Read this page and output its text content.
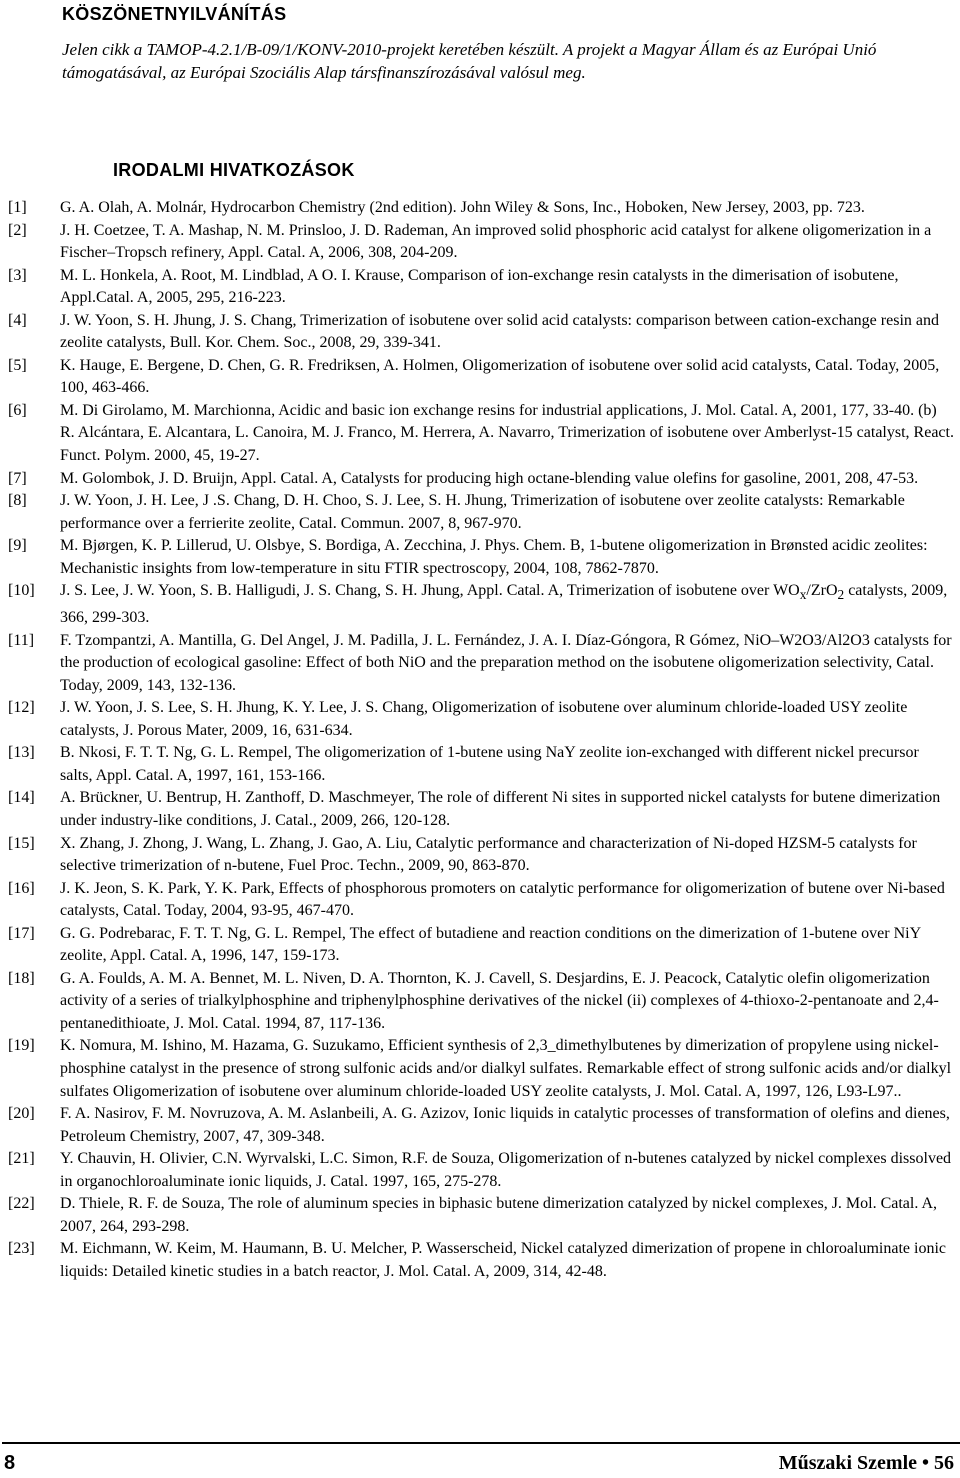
KÖSZÖNETNYILVÁNÍTÁS
Jelen cikk a TAMOP-4.2.1/B-09/1/KONV-2010-projekt keretében készült. A projekt a Magyar Állam és az Európai Unió támogatásával, az Európai Szociális Alap társfinanszírozásával valósul meg.
IRODALMI HIVATKOZÁSOK
[1] G. A. Olah, A. Molnár, Hydrocarbon Chemistry (2nd edition). John Wiley & Sons, Inc., Hoboken, New Jersey, 2003, pp. 723.
[2] J. H. Coetzee, T. A. Mashap, N. M. Prinsloo, J. D. Rademan, An improved solid phosphoric acid catalyst for alkene oligomerization in a Fischer–Tropsch refinery, Appl. Catal. A, 2006, 308, 204-209.
[3] M. L. Honkela, A. Root, M. Lindblad, A O. I. Krause, Comparison of ion-exchange resin catalysts in the dimerisation of isobutene, Appl.Catal. A, 2005, 295, 216-223.
[4] J. W. Yoon, S. H. Jhung, J. S. Chang, Trimerization of isobutene over solid acid catalysts: comparison between cation-exchange resin and zeolite catalysts, Bull. Kor. Chem. Soc., 2008, 29, 339-341.
[5] K. Hauge, E. Bergene, D. Chen, G. R. Fredriksen, A. Holmen, Oligomerization of isobutene over solid acid catalysts, Catal. Today, 2005, 100, 463-466.
[6] M. Di Girolamo, M. Marchionna, Acidic and basic ion exchange resins for industrial applications, J. Mol. Catal. A, 2001, 177, 33-40. (b) R. Alcántara, E. Alcantara, L. Canoira, M. J. Franco, M. Herrera, A. Navarro, Trimerization of isobutene over Amberlyst-15 catalyst, React. Funct. Polym. 2000, 45, 19-27.
[7] M. Golombok, J. D. Bruijn, Appl. Catal. A, Catalysts for producing high octane-blending value olefins for gasoline, 2001, 208, 47-53.
[8] J. W. Yoon, J. H. Lee, J .S. Chang, D. H. Choo, S. J. Lee, S. H. Jhung, Trimerization of isobutene over zeolite catalysts: Remarkable performance over a ferrierite zeolite, Catal. Commun. 2007, 8, 967-970.
[9] M. Bjørgen, K. P. Lillerud, U. Olsbye, S. Bordiga, A. Zecchina, J. Phys. Chem. B, 1-butene oligomerization in Brønsted acidic zeolites: Mechanistic insights from low-temperature in situ FTIR spectroscopy, 2004, 108, 7862-7870.
[10] J. S. Lee, J. W. Yoon, S. B. Halligudi, J. S. Chang, S. H. Jhung, Appl. Catal. A, Trimerization of isobutene over $WO_x/ZrO_2$ catalysts, 2009, 366, 299-303.
[11] F. Tzompantzi, A. Mantilla, G. Del Angel, J. M. Padilla, J. L. Fernández, J. A. I. Díaz-Góngora, R Gómez, NiO–W2O3/Al2O3 catalysts for the production of ecological gasoline: Effect of both NiO and the preparation method on the isobutene oligomerization selectivity, Catal. Today, 2009, 143, 132-136.
[12] J. W. Yoon, J. S. Lee, S. H. Jhung, K. Y. Lee, J. S. Chang, Oligomerization of isobutene over aluminum chloride-loaded USY zeolite catalysts, J. Porous Mater, 2009, 16, 631-634.
[13] B. Nkosi, F. T. T. Ng, G. L. Rempel, The oligomerization of 1-butene using NaY zeolite ion-exchanged with different nickel precursor salts, Appl. Catal. A, 1997, 161, 153-166.
[14] A. Brückner, U. Bentrup, H. Zanthoff, D. Maschmeyer, The role of different Ni sites in supported nickel catalysts for butene dimerization under industry-like conditions, J. Catal., 2009, 266, 120-128.
[15] X. Zhang, J. Zhong, J. Wang, L. Zhang, J. Gao, A. Liu, Catalytic performance and characterization of Ni-doped HZSM-5 catalysts for selective trimerization of n-butene, Fuel Proc. Techn., 2009, 90, 863-870.
[16] J. K. Jeon, S. K. Park, Y. K. Park, Effects of phosphorous promoters on catalytic performance for oligomerization of butene over Ni-based catalysts, Catal. Today, 2004, 93-95, 467-470.
[17] G. G. Podrebarac, F. T. T. Ng, G. L. Rempel, The effect of butadiene and reaction conditions on the dimerization of 1-butene over NiY zeolite, Appl. Catal. A, 1996, 147, 159-173.
[18] G. A. Foulds, A. M. A. Bennet, M. L. Niven, D. A. Thornton, K. J. Cavell, S. Desjardins, E. J. Peacock, Catalytic olefin oligomerization activity of a series of trialkylphosphine and triphenylphosphine derivatives of the nickel (ii) complexes of 4-thioxo-2-pentanoate and 2,4-pentanedithioate, J. Mol. Catal. 1994, 87, 117-136.
[19] K. Nomura, M. Ishino, M. Hazama, G. Suzukamo, Efficient synthesis of 2,3_dimethylbutenes by dimerization of propylene using nickel-phosphine catalyst in the presence of strong sulfonic acids and/or dialkyl sulfates. Remarkable effect of strong sulfonic acids and/or dialkyl sulfates Oligomerization of isobutene over aluminum chloride-loaded USY zeolite catalysts, J. Mol. Catal. A, 1997, 126, L93-L97..
[20] F. A. Nasirov, F. M. Novruzova, A. M. Aslanbeili, A. G. Azizov, Ionic liquids in catalytic processes of transformation of olefins and dienes, Petroleum Chemistry, 2007, 47, 309-348.
[21] Y. Chauvin, H. Olivier, C.N. Wyrvalski, L.C. Simon, R.F. de Souza, Oligomerization of n-butenes catalyzed by nickel complexes dissolved in organochloroaluminate ionic liquids, J. Catal. 1997, 165, 275-278.
[22] D. Thiele, R. F. de Souza, The role of aluminum species in biphasic butene dimerization catalyzed by nickel complexes, J. Mol. Catal. A, 2007, 264, 293-298.
[23] M. Eichmann, W. Keim, M. Haumann, B. U. Melcher, P. Wasserscheid, Nickel catalyzed dimerization of propene in chloroaluminate ionic liquids: Detailed kinetic studies in a batch reactor, J. Mol. Catal. A, 2009, 314, 42-48.
8	Műszaki Szemle • 56
